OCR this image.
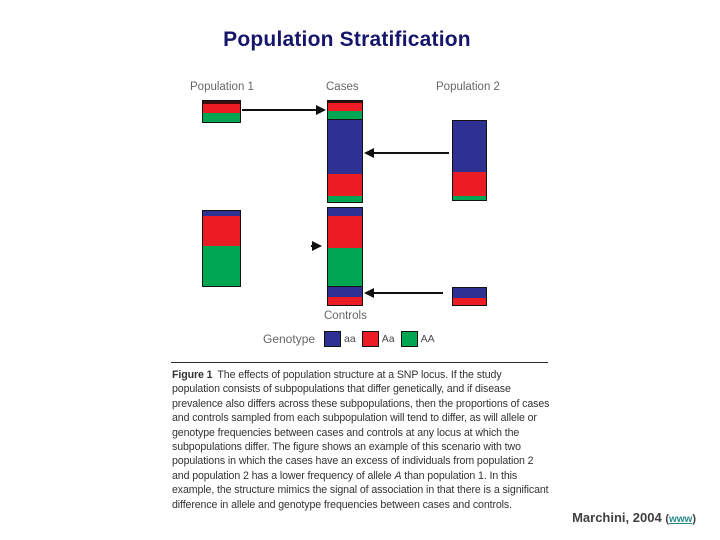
Population Stratification
Population 1	Cases	Population 2
Controls
Genotype	aa Aa AA

Figure 1 The effects of population structure at a SNP locus. If the study population consists of subpopulations that differ genetically, and if disease prevalence also differs across these subpopulations, then the proportions of cases and controls sampled from each subpopulation will tend to differ, as will allele or genotype frequencies between cases and controls at any locus at which the subpopulations differ. The figure shows an example of this scenario with two populations in which the cases have an excess of individuals from population 2 and population 2 has a lower frequency of allele A than population 1. In this example, the structure mimics the signal of association in that there is a significant difference in allele and genotype frequencies between cases and controls.

Marchini, 2004 (www)
